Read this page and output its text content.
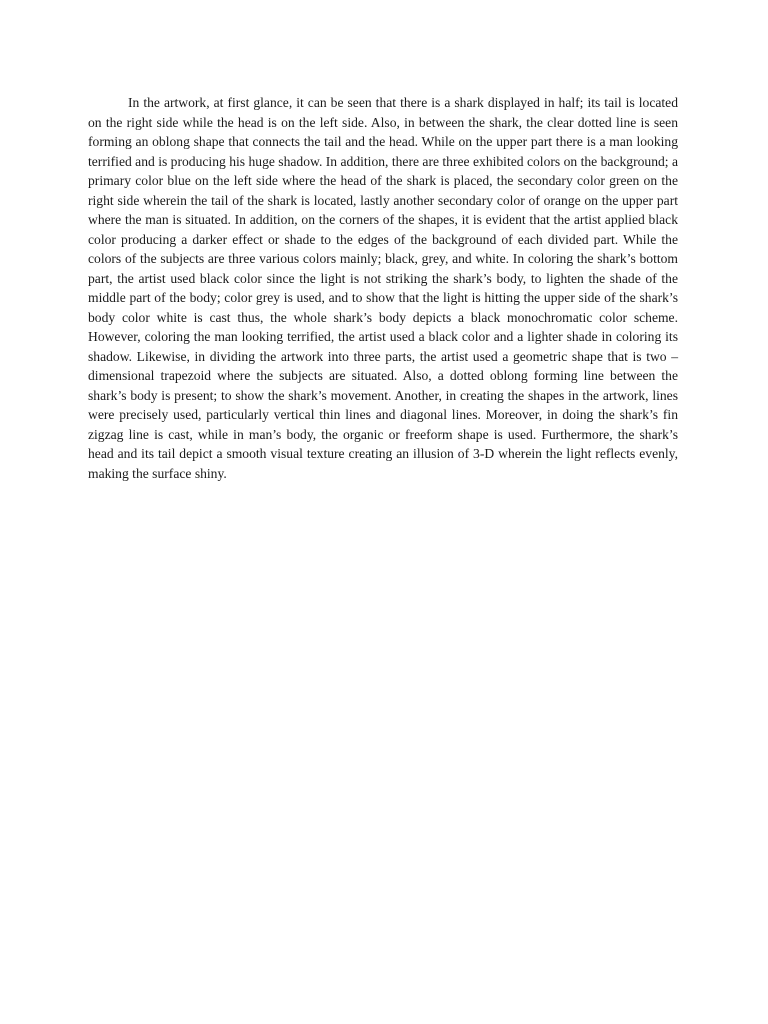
In the artwork, at first glance, it can be seen that there is a shark displayed in half; its tail is located on the right side while the head is on the left side. Also, in between the shark, the clear dotted line is seen forming an oblong shape that connects the tail and the head. While on the upper part there is a man looking terrified and is producing his huge shadow. In addition, there are three exhibited colors on the background; a primary color blue on the left side where the head of the shark is placed, the secondary color green on the right side wherein the tail of the shark is located, lastly another secondary color of orange on the upper part where the man is situated. In addition, on the corners of the shapes, it is evident that the artist applied black color producing a darker effect or shade to the edges of the background of each divided part. While the colors of the subjects are three various colors mainly; black, grey, and white. In coloring the shark’s bottom part, the artist used black color since the light is not striking the shark’s body, to lighten the shade of the middle part of the body; color grey is used, and to show that the light is hitting the upper side of the shark’s body color white is cast thus, the whole shark’s body depicts a black monochromatic color scheme. However, coloring the man looking terrified, the artist used a black color and a lighter shade in coloring its shadow. Likewise, in dividing the artwork into three parts, the artist used a geometric shape that is two – dimensional trapezoid where the subjects are situated. Also, a dotted oblong forming line between the shark’s body is present; to show the shark’s movement. Another, in creating the shapes in the artwork, lines were precisely used, particularly vertical thin lines and diagonal lines. Moreover, in doing the shark’s fin zigzag line is cast, while in man’s body, the organic or freeform shape is used. Furthermore, the shark’s head and its tail depict a smooth visual texture creating an illusion of 3-D wherein the light reflects evenly, making the surface shiny.
